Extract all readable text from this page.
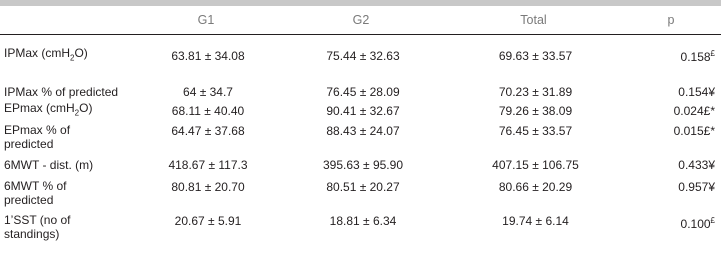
	G1	G2	Total	p
IPMax (cmH$_2$O)	63.81 ± 34.08	75.44 ± 32.63	69.63 ± 33.57	0.158£
IPMax % of predicted	64 ± 34.7	76.45 ± 28.09	70.23 ± 31.89	0.154¥
EPmax (cmH$_2$O)	68.11 ± 40.40	90.41 ± 32.67	79.26 ± 38.09	0.024£*
EPmax % of
predicted	64.47 ± 37.68	88.43 ± 24.07	76.45 ± 33.57	0.015£*
6MWT - dist. (m)	418.67 ± 117.3	395.63 ± 95.90	407.15 ± 106.75	0.433¥
6MWT % of
predicted	80.81 ± 20.70	80.51 ± 20.27	80.66 ± 20.29	0.957¥
1’SST (no of
standings)	20.67 ± 5.91	18.81 ± 6.34	19.74 ± 6.14	0.100£
